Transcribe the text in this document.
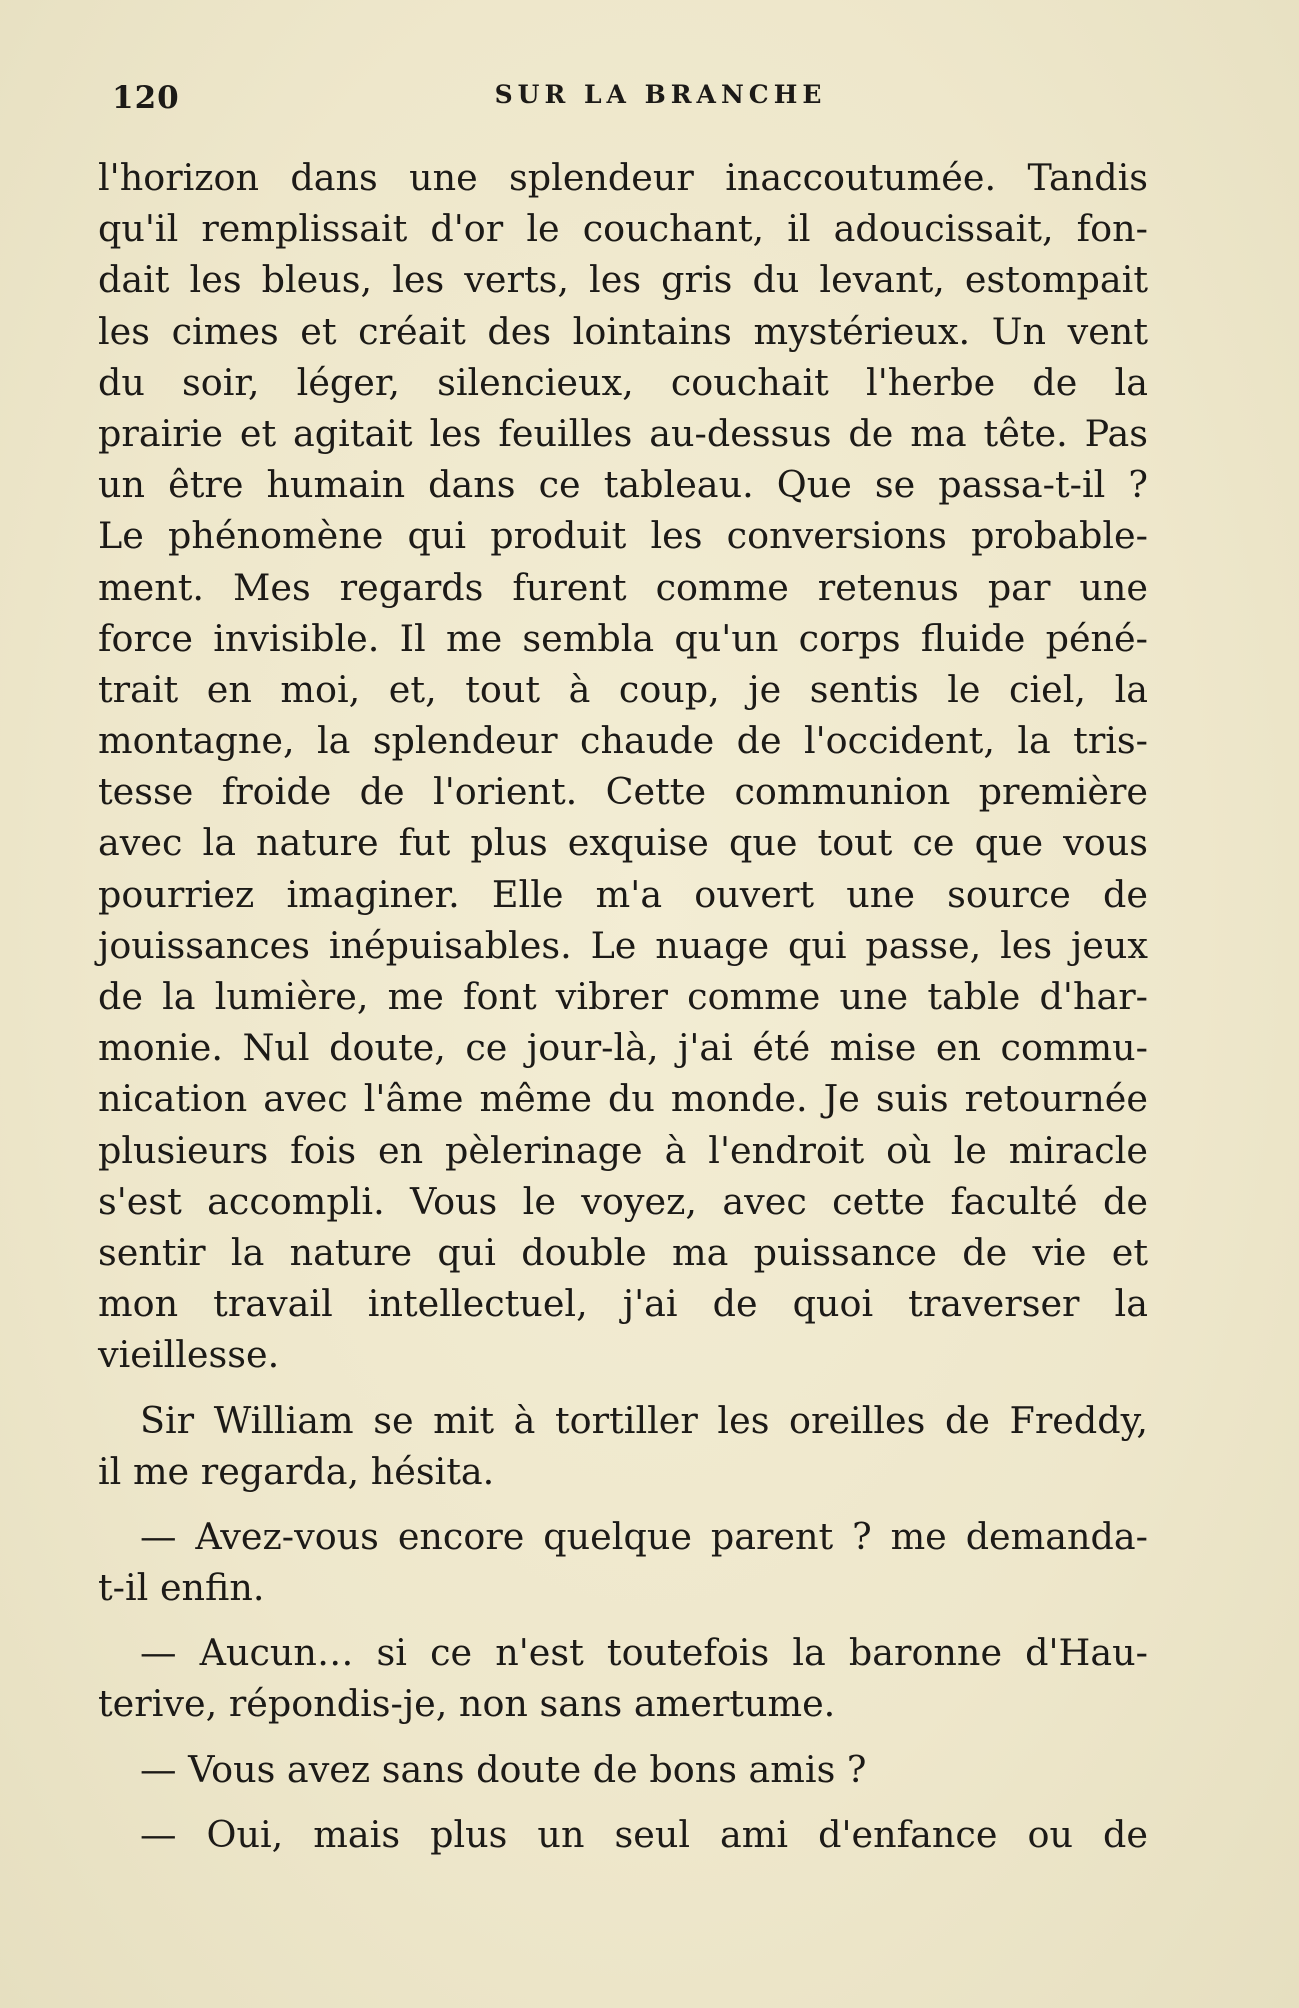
120	SUR LA BRANCHE
l'horizon dans une splendeur inaccoutumée. Tandis
qu'il remplissait d'or le couchant, il adoucissait, fon-
dait les bleus, les verts, les gris du levant, estompait
les cimes et créait des lointains mystérieux. Un vent
du soir, léger, silencieux, couchait l'herbe de la
prairie et agitait les feuilles au-dessus de ma tête. Pas
un être humain dans ce tableau. Que se passa-t-il ?
Le phénomène qui produit les conversions probable-
ment. Mes regards furent comme retenus par une
force invisible. Il me sembla qu'un corps fluide péné-
trait en moi, et, tout à coup, je sentis le ciel, la
montagne, la splendeur chaude de l'occident, la tris-
tesse froide de l'orient. Cette communion première
avec la nature fut plus exquise que tout ce que vous
pourriez imaginer. Elle m'a ouvert une source de
jouissances inépuisables. Le nuage qui passe, les jeux
de la lumière, me font vibrer comme une table d'har-
monie. Nul doute, ce jour-là, j'ai été mise en commu-
nication avec l'âme même du monde. Je suis retournée
plusieurs fois en pèlerinage à l'endroit où le miracle
s'est accompli. Vous le voyez, avec cette faculté de
sentir la nature qui double ma puissance de vie et
mon travail intellectuel, j'ai de quoi traverser la
vieillesse.
Sir William se mit à tortiller les oreilles de Freddy,
il me regarda, hésita.
— Avez-vous encore quelque parent ? me demanda-
t-il enfin.
— Aucun… si ce n'est toutefois la baronne d'Hau-
terive, répondis-je, non sans amertume.
— Vous avez sans doute de bons amis ?
— Oui, mais plus un seul ami d'enfance ou de
